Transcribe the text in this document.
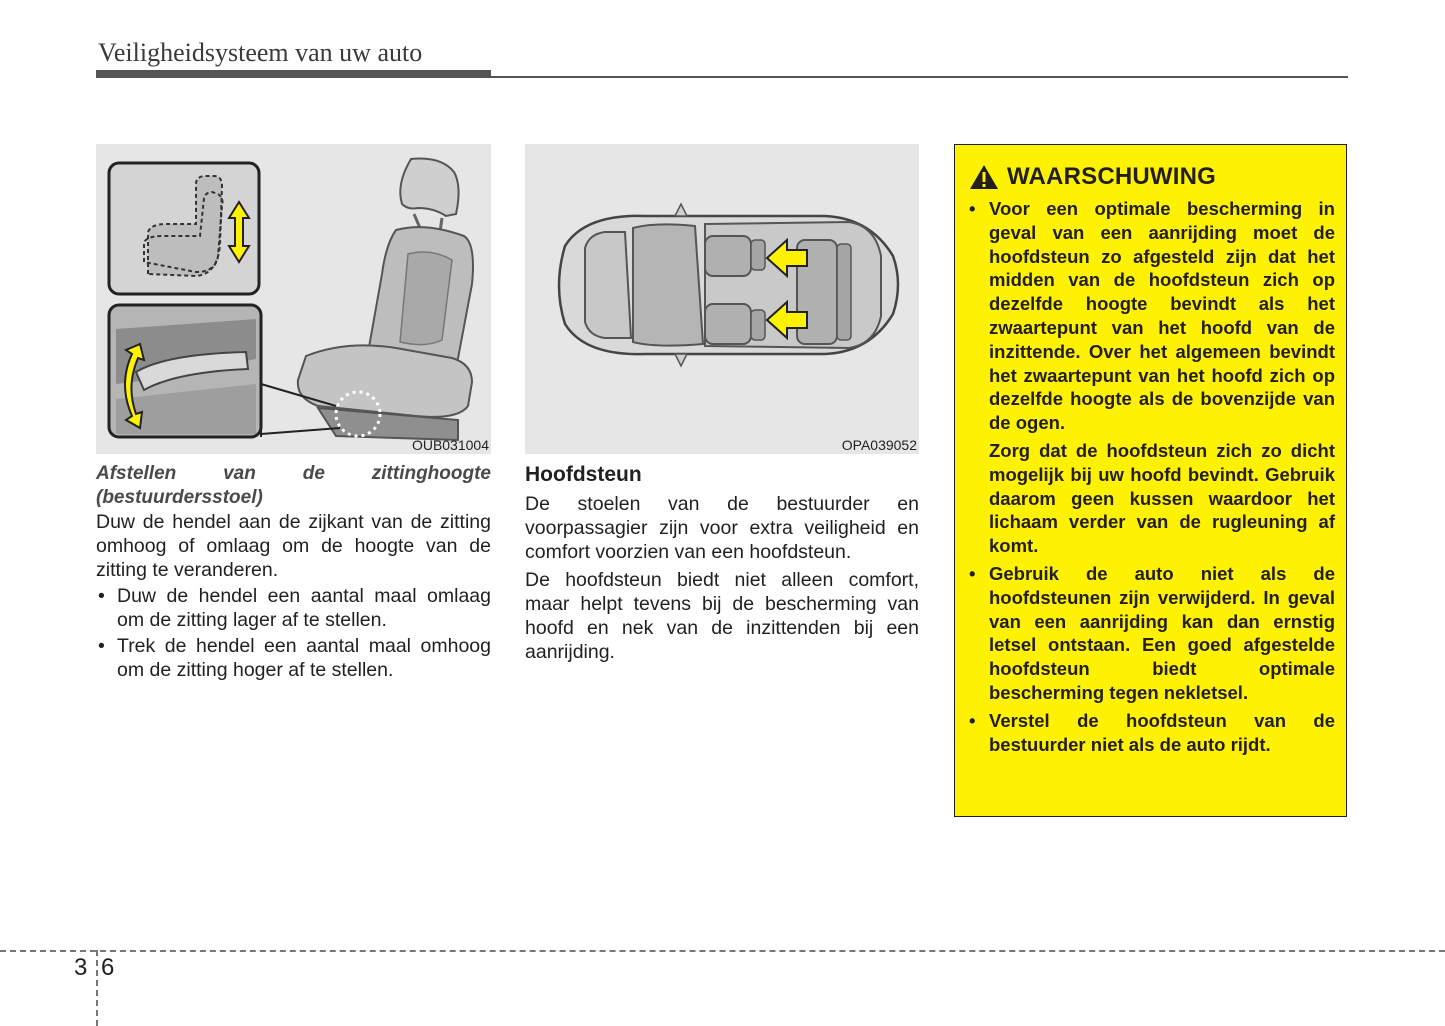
Veiligheidsysteem van uw auto
OUB031004	OPA039052

Afstellen van de zittinghoogte (bestuurdersstoel)

Duw de hendel aan de zijkant van de zitting omhoog of omlaag om de hoogte van de zitting te veranderen.

• Duw de hendel een aantal maal omlaag om de zitting lager af te stellen.
• Trek de hendel een aantal maal omhoog om de zitting hoger af te stellen.
Hoofdsteun

De stoelen van de bestuurder en voorpassagier zijn voor extra veiligheid en comfort voorzien van een hoofdsteun.

De hoofdsteun biedt niet alleen comfort, maar helpt tevens bij de bescherming van hoofd en nek van de inzittenden bij een aanrijding.

WAARSCHUWING

• Voor een optimale bescherming in geval van een aanrijding moet de hoofdsteun zo afgesteld zijn dat het midden van de hoofdsteun zich op dezelfde hoogte bevindt als het zwaartepunt van het hoofd van de inzittende. Over het algemeen bevindt het zwaartepunt van het hoofd zich op dezelfde hoogte als de bovenzijde van de ogen.

Zorg dat de hoofdsteun zich zo dicht mogelijk bij uw hoofd bevindt. Gebruik daarom geen kussen waardoor het lichaam verder van de rugleuning af komt.

• Gebruik de auto niet als de hoofdsteunen zijn verwijderd. In geval van een aanrijding kan dan ernstig letsel ontstaan. Een goed afgestelde hoofdsteun biedt optimale bescherming tegen nekletsel.

• Verstel de hoofdsteun van de bestuurder niet als de auto rijdt.

3 6
